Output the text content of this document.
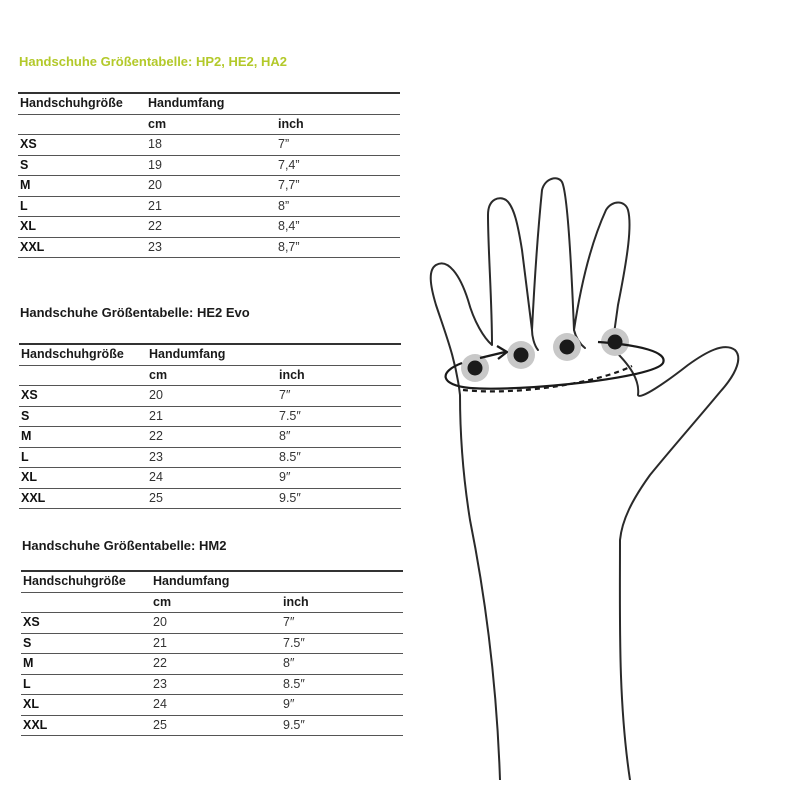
Handschuhe Größentabelle: HP2, HE2, HA2
Handschuhgröße	Handumfang	
	cm	inch
XS	18	7”
S	19	7,4”
M	20	7,7”
L	21	8”
XL	22	8,4”
XXL	23	8,7”
Handschuhe Größentabelle: HE2 Evo
Handschuhgröße	Handumfang	
	cm	inch
XS	20	7″
S	21	7.5″
M	22	8″
L	23	8.5″
XL	24	9″
XXL	25	9.5″
Handschuhe Größentabelle: HM2
Handschuhgröße	Handumfang	
	cm	inch
XS	20	7″
S	21	7.5″
M	22	8″
L	23	8.5″
XL	24	9″
XXL	25	9.5″
